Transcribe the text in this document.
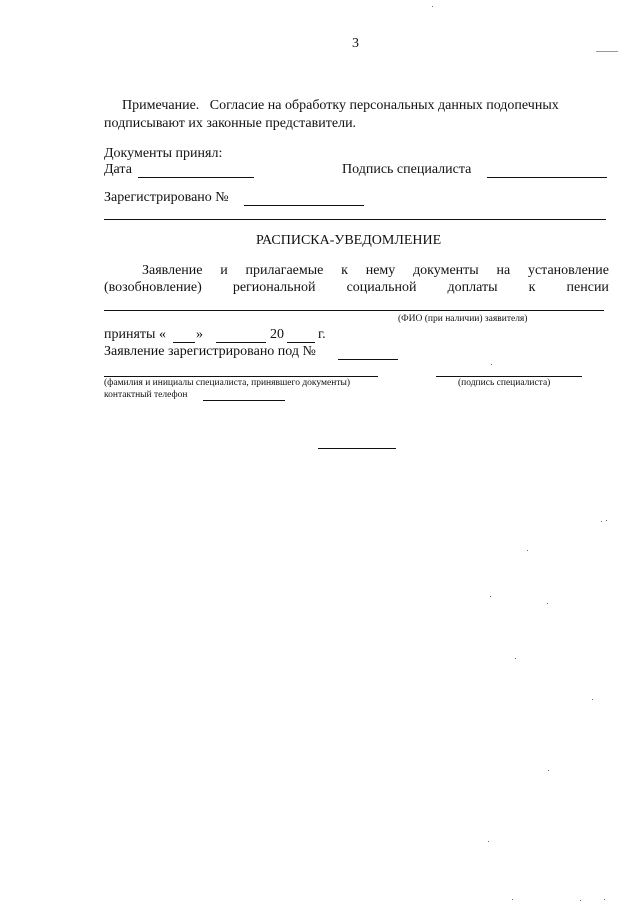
3
Примечание. Согласие на обработку персональных данных подопечных
подписывают их законные представители.
Документы принял:
Дата	Подпись специалиста
Зарегистрировано №
РАСПИСКА-УВЕДОМЛЕНИЕ
Заявление и прилагаемые к нему документы на установление
(возобновление) региональной социальной доплаты к пенсии
(ФИО (при наличии) заявителя)
приняты « »	20 г.
Заявление зарегистрировано под №
(фамилия и инициалы специалиста, принявшего документы)	(подпись специалиста)
контактный телефон
